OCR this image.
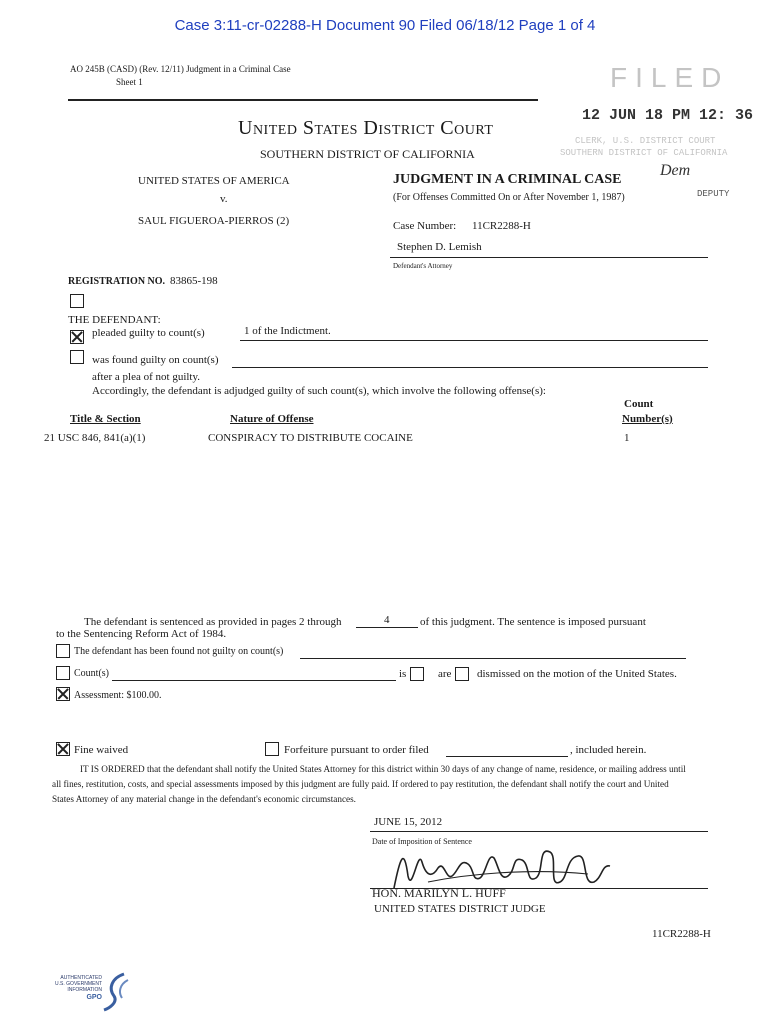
Case 3:11-cr-02288-H Document 90 Filed 06/18/12 Page 1 of 4
AO 245B (CASD) (Rev. 12/11) Judgment in a Criminal Case
Sheet 1	FILED
12 JUN 18 PM 12: 36
CLERK, U.S. DISTRICT COURT
SOUTHERN DISTRICT OF CALIFORNIA
Dem
DEPUTY
United States District Court
SOUTHERN DISTRICT OF CALIFORNIA
UNITED STATES OF AMERICA
v.
SAUL FIGUEROA-PIERROS (2)
JUDGMENT IN A CRIMINAL CASE
(For Offenses Committed On or After November 1, 1987)
Case Number: 11CR2288-H
Stephen D. Lemish
Defendant's Attorney
REGISTRATION NO. 83865-198
THE DEFENDANT:
pleaded guilty to count(s)	1 of the Indictment.
was found guilty on count(s)
after a plea of not guilty.
Accordingly, the defendant is adjudged guilty of such count(s), which involve the following offense(s):
Count
Title & Section	Nature of Offense	Number(s)
21 USC 846, 841(a)(1)	CONSPIRACY TO DISTRIBUTE COCAINE	1
The defendant is sentenced as provided in pages 2 through	4	of this judgment. The sentence is imposed pursuant
to the Sentencing Reform Act of 1984.
The defendant has been found not guilty on count(s)
Count(s)	is	are dismissed on the motion of the United States.
Assessment: $100.00.
Fine waived	Forfeiture pursuant to order filed	, included herein.
IT IS ORDERED that the defendant shall notify the United States Attorney for this district within 30 days of any change of name, residence, or mailing address until all fines, restitution, costs, and special assessments imposed by this judgment are fully paid. If ordered to pay restitution, the defendant shall notify the court and United States Attorney of any material change in the defendant's economic circumstances.
JUNE 15, 2012
Date of Imposition of Sentence
HON. MARILYN L. HUFF
UNITED STATES DISTRICT JUDGE
11CR2288-H
AUTHENTICATED
U.S. GOVERNMENT
INFORMATION
GPO
